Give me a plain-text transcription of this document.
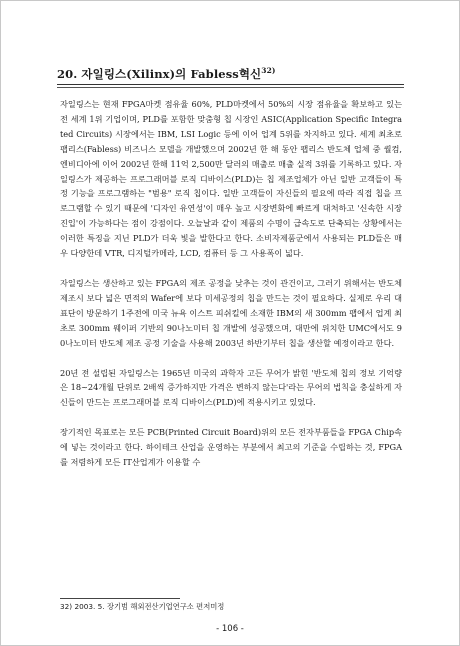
20. 자일링스(Xilinx)의 Fabless혁신$^{32)}$

자일링스는 현재 FPGA마켓 점유율 60%, PLD마켓에서 50%의 시장 점유율을 확보하고 있는 전 세계 1위 기업이며, PLD를 포함한 맞춤형 칩 시장인 ASIC(Application Specific Integrated Circuits) 시장에서는 IBM, LSI Logic 등에 이어 업계 5위를 차지하고 있다. 세계 최초로 팹리스(Fabless) 비즈니스 모델을 개발했으며 2002년 한 해 동안 팹리스 반도체 업체 중 퀄컴, 엔비디아에 이어 2002년 한해 11억 2,500만 달러의 매출로 매출 실적 3위를 기록하고 있다. 자일링스가 제공하는 프로그래머블 로직 디바이스(PLD)는 칩 제조업체가 아닌 일반 고객들이 특정 기능을 프로그램하는 "범용" 로직 칩이다. 일반 고객들이 자신들의 필요에 따라 직접 칩을 프로그램할 수 있기 때문에 '디자인 유연성'이 매우 높고 시장변화에 빠르게 대처하고 '신속한 시장 진입'이 가능하다는 점이 강점이다. 오늘날과 같이 제품의 수명이 급속도로 단축되는 상황에서는 이러한 특징을 지닌 PLD가 더욱 빛을 발한다고 한다. 소비자제품군에서 사용되는 PLD들은 매우 다양한데 VTR, 디지털카메라, LCD, 컴퓨터 등 그 사용폭이 넓다.

자일링스는 생산하고 있는 FPGA의 제조 공정을 낮추는 것이 관건이고, 그러기 위해서는 반도체 제조시 보다 넓은 면적의 Wafer에 보다 미세공정의 칩을 만드는 것이 필요하다. 실제로 우리 대표단이 방문하기 1주전에 미국 뉴욕 이스트 피쉬킬에 소재한 IBM의 새 300mm 팹에서 업계 최초로 300mm 웨이퍼 기반의 90나노미터 칩 개발에 성공했으며, 대만에 위치한 UMC에서도 90나노미터 반도체 제조 공정 기술을 사용해 2003년 하반기부터 칩을 생산할 예정이라고 한다.

20년 전 설립된 자일링스는 1965년 미국의 과학자 고든 무어가 밝힌 '반도체 칩의 정보 기억량은 18~24개월 단위로 2배씩 증가하지만 가격은 변하지 않는다'라는 무어의 법칙을 충실하게 자신들이 만드는 프로그래머블 로직 디바이스(PLD)에 적용시키고 있었다.

장기적인 목표로는 모든 PCB(Printed Circuit Board)위의 모든 전자부품들을 FPGA Chip속에 넣는 것이라고 한다. 하이테크 산업을 운영하는 부분에서 최고의 기준을 수립하는 것, FPGA를 저렴하게 모든 IT산업계가 이용할 수

32) 2003. 5. 장기범 해외전산기업연구소 편저미정
- 106 -
